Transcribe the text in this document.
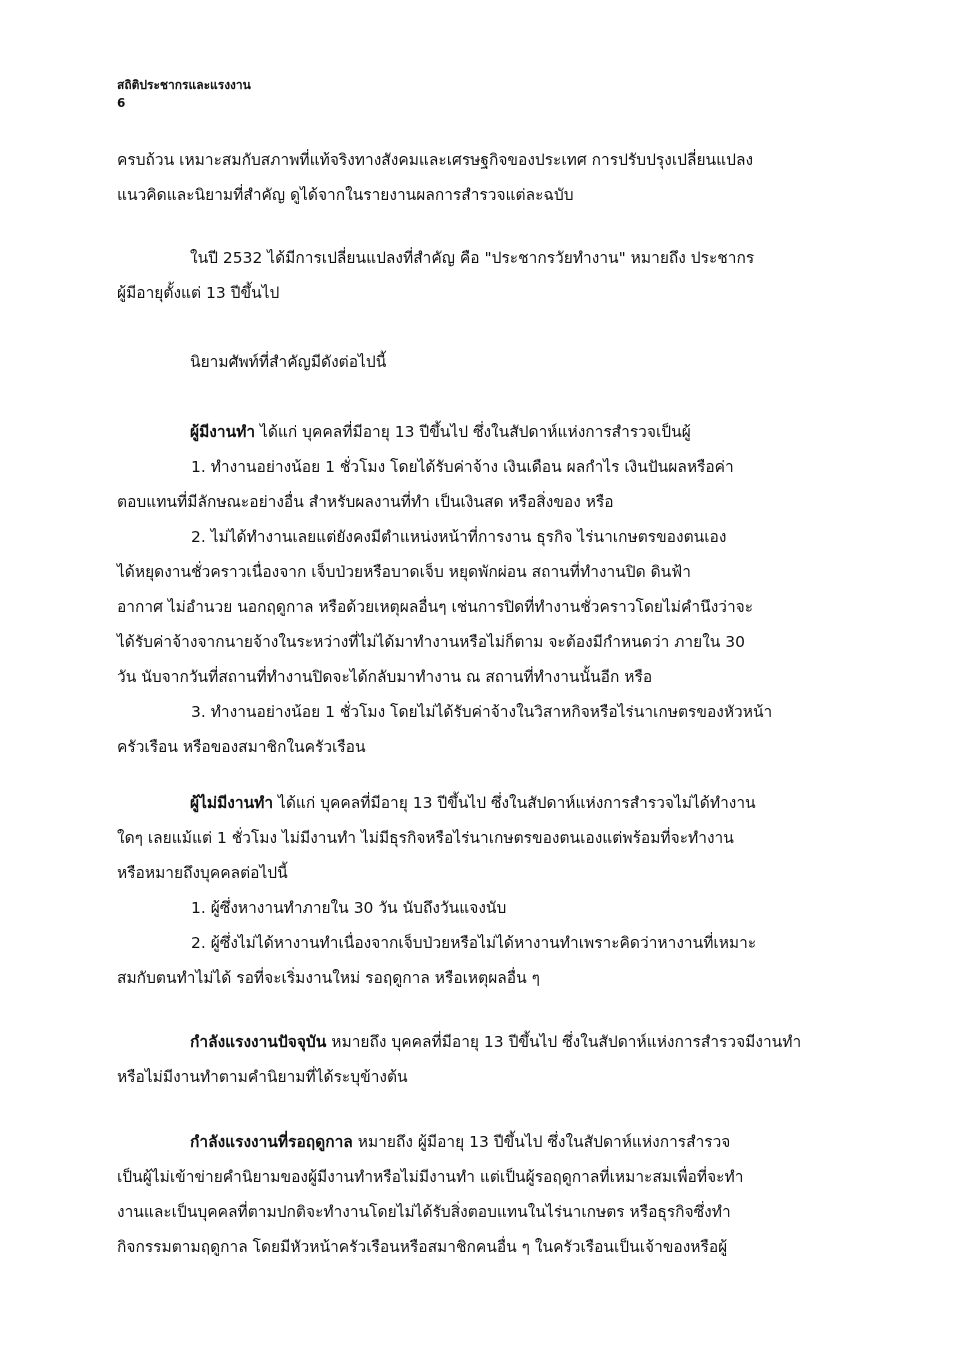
สถิติประชากรและแรงงาน
6
ครบถ้วน เหมาะสมกับสภาพที่แท้จริงทางสังคมและเศรษฐกิจของประเทศ การปรับปรุงเปลี่ยนแปลง
แนวคิดและนิยามที่สำคัญ ดูได้จากในรายงานผลการสำรวจแต่ละฉบับ
ในปี 2532 ได้มีการเปลี่ยนแปลงที่สำคัญ คือ "ประชากรวัยทำงาน" หมายถึง ประชากร
ผู้มีอายุตั้งแต่ 13 ปีขึ้นไป
นิยามศัพท์ที่สำคัญมีดังต่อไปนี้
ผู้มีงานทำ ได้แก่ บุคคลที่มีอายุ 13 ปีขึ้นไป ซึ่งในสัปดาห์แห่งการสำรวจเป็นผู้
1. ทำงานอย่างน้อย 1 ชั่วโมง โดยได้รับค่าจ้าง เงินเดือน ผลกำไร เงินปันผลหรือค่า
ตอบแทนที่มีลักษณะอย่างอื่น สำหรับผลงานที่ทำ เป็นเงินสด หรือสิ่งของ หรือ
2. ไม่ได้ทำงานเลยแต่ยังคงมีตำแหน่งหน้าที่การงาน ธุรกิจ ไร่นาเกษตรของตนเอง
ได้หยุดงานชั่วคราวเนื่องจาก เจ็บป่วยหรือบาดเจ็บ หยุดพักผ่อน สถานที่ทำงานปิด ดินฟ้า
อากาศ ไม่อำนวย นอกฤดูกาล หรือด้วยเหตุผลอื่นๆ เช่นการปิดที่ทำงานชั่วคราวโดยไม่คำนึงว่าจะ
ได้รับค่าจ้างจากนายจ้างในระหว่างที่ไม่ได้มาทำงานหรือไม่ก็ตาม จะต้องมีกำหนดว่า ภายใน 30
วัน นับจากวันที่สถานที่ทำงานปิดจะได้กลับมาทำงาน ณ สถานที่ทำงานนั้นอีก หรือ
3. ทำงานอย่างน้อย 1 ชั่วโมง โดยไม่ได้รับค่าจ้างในวิสาหกิจหรือไร่นาเกษตรของหัวหน้า
ครัวเรือน หรือของสมาชิกในครัวเรือน
ผู้ไม่มีงานทำ ได้แก่ บุคคลที่มีอายุ 13 ปีขึ้นไป ซึ่งในสัปดาห์แห่งการสำรวจไม่ได้ทำงาน
ใดๆ เลยแม้แต่ 1 ชั่วโมง ไม่มีงานทำ ไม่มีธุรกิจหรือไร่นาเกษตรของตนเองแต่พร้อมที่จะทำงาน
หรือหมายถึงบุคคลต่อไปนี้
1. ผู้ซึ่งหางานทำภายใน 30 วัน นับถึงวันแจงนับ
2. ผู้ซึ่งไม่ได้หางานทำเนื่องจากเจ็บป่วยหรือไม่ได้หางานทำเพราะคิดว่าหางานที่เหมาะ
สมกับตนทำไม่ได้ รอที่จะเริ่มงานใหม่ รอฤดูกาล หรือเหตุผลอื่น ๆ
กำลังแรงงานปัจจุบัน หมายถึง บุคคลที่มีอายุ 13 ปีขึ้นไป ซึ่งในสัปดาห์แห่งการสำรวจมีงานทำ
หรือไม่มีงานทำตามคำนิยามที่ได้ระบุข้างต้น
กำลังแรงงานที่รอฤดูกาล หมายถึง ผู้มีอายุ 13 ปีขึ้นไป ซึ่งในสัปดาห์แห่งการสำรวจ
เป็นผู้ไม่เข้าข่ายคำนิยามของผู้มีงานทำหรือไม่มีงานทำ แต่เป็นผู้รอฤดูกาลที่เหมาะสมเพื่อที่จะทำ
งานและเป็นบุคคลที่ตามปกติจะทำงานโดยไม่ได้รับสิ่งตอบแทนในไร่นาเกษตร หรือธุรกิจซึ่งทำ
กิจกรรมตามฤดูกาล โดยมีหัวหน้าครัวเรือนหรือสมาชิกคนอื่น ๆ ในครัวเรือนเป็นเจ้าของหรือผู้
